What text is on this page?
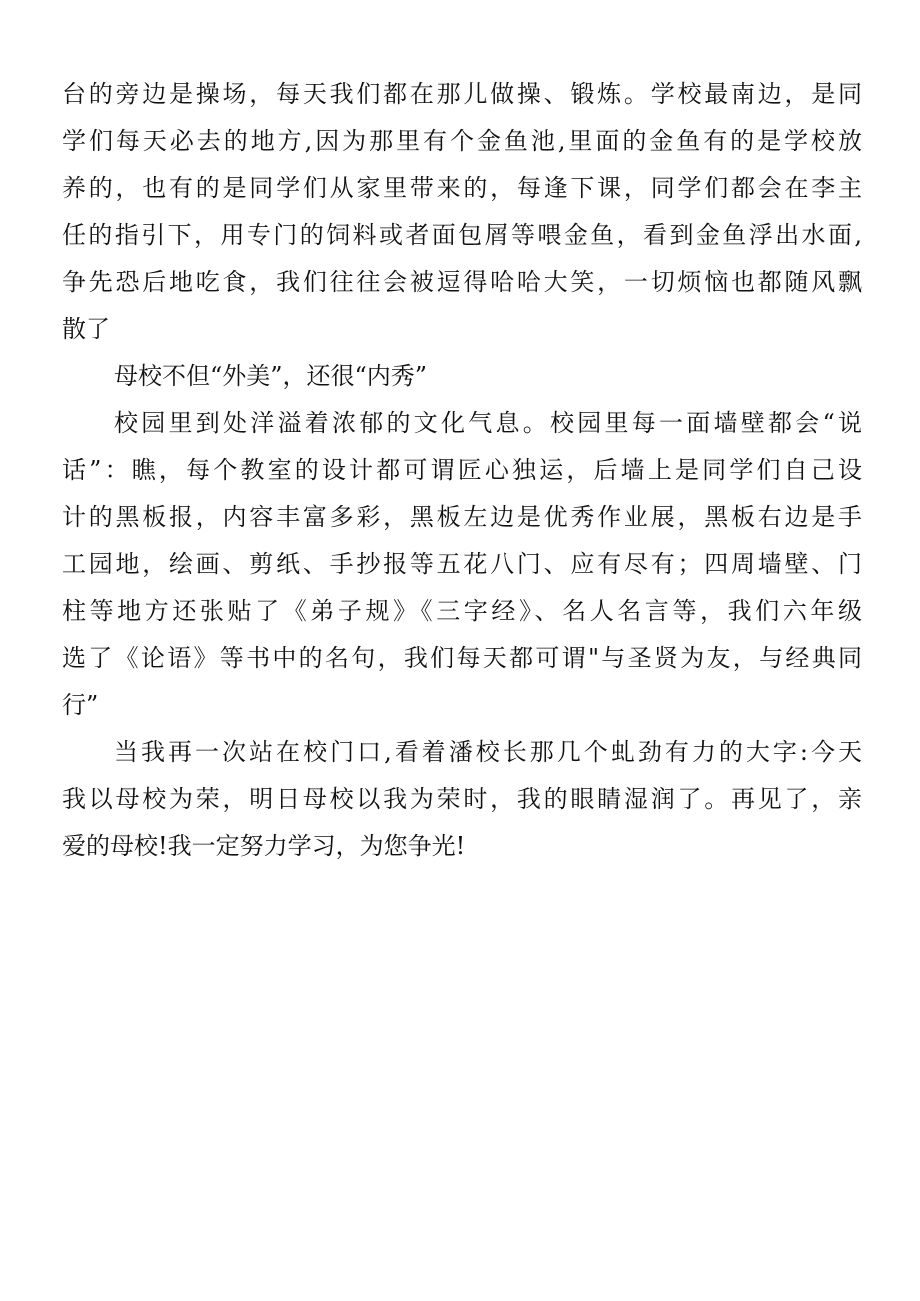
台的旁边是操场，每天我们都在那儿做操、锻炼。学校最南边，是同
学们每天必去的地方,因为那里有个金鱼池,里面的金鱼有的是学校放
养的，也有的是同学们从家里带来的，每逢下课，同学们都会在李主
任的指引下，用专门的饲料或者面包屑等喂金鱼，看到金鱼浮出水面,
争先恐后地吃食，我们往往会被逗得哈哈大笑，一切烦恼也都随风飘
散了
母校不但“外美”，还很“内秀”
校园里到处洋溢着浓郁的文化气息。校园里每一面墙壁都会“说
话”：瞧，每个教室的设计都可谓匠心独运，后墙上是同学们自己设
计的黑板报，内容丰富多彩，黑板左边是优秀作业展，黑板右边是手
工园地，绘画、剪纸、手抄报等五花八门、应有尽有；四周墙壁、门
柱等地方还张贴了《弟子规》《三字经》、名人名言等，我们六年级
选了《论语》等书中的名句，我们每天都可谓"与圣贤为友，与经典同
行”
当我再一次站在校门口,看着潘校长那几个虬劲有力的大字:今天
我以母校为荣，明日母校以我为荣时，我的眼睛湿润了。再见了，亲
爱的母校!我一定努力学习，为您争光!
